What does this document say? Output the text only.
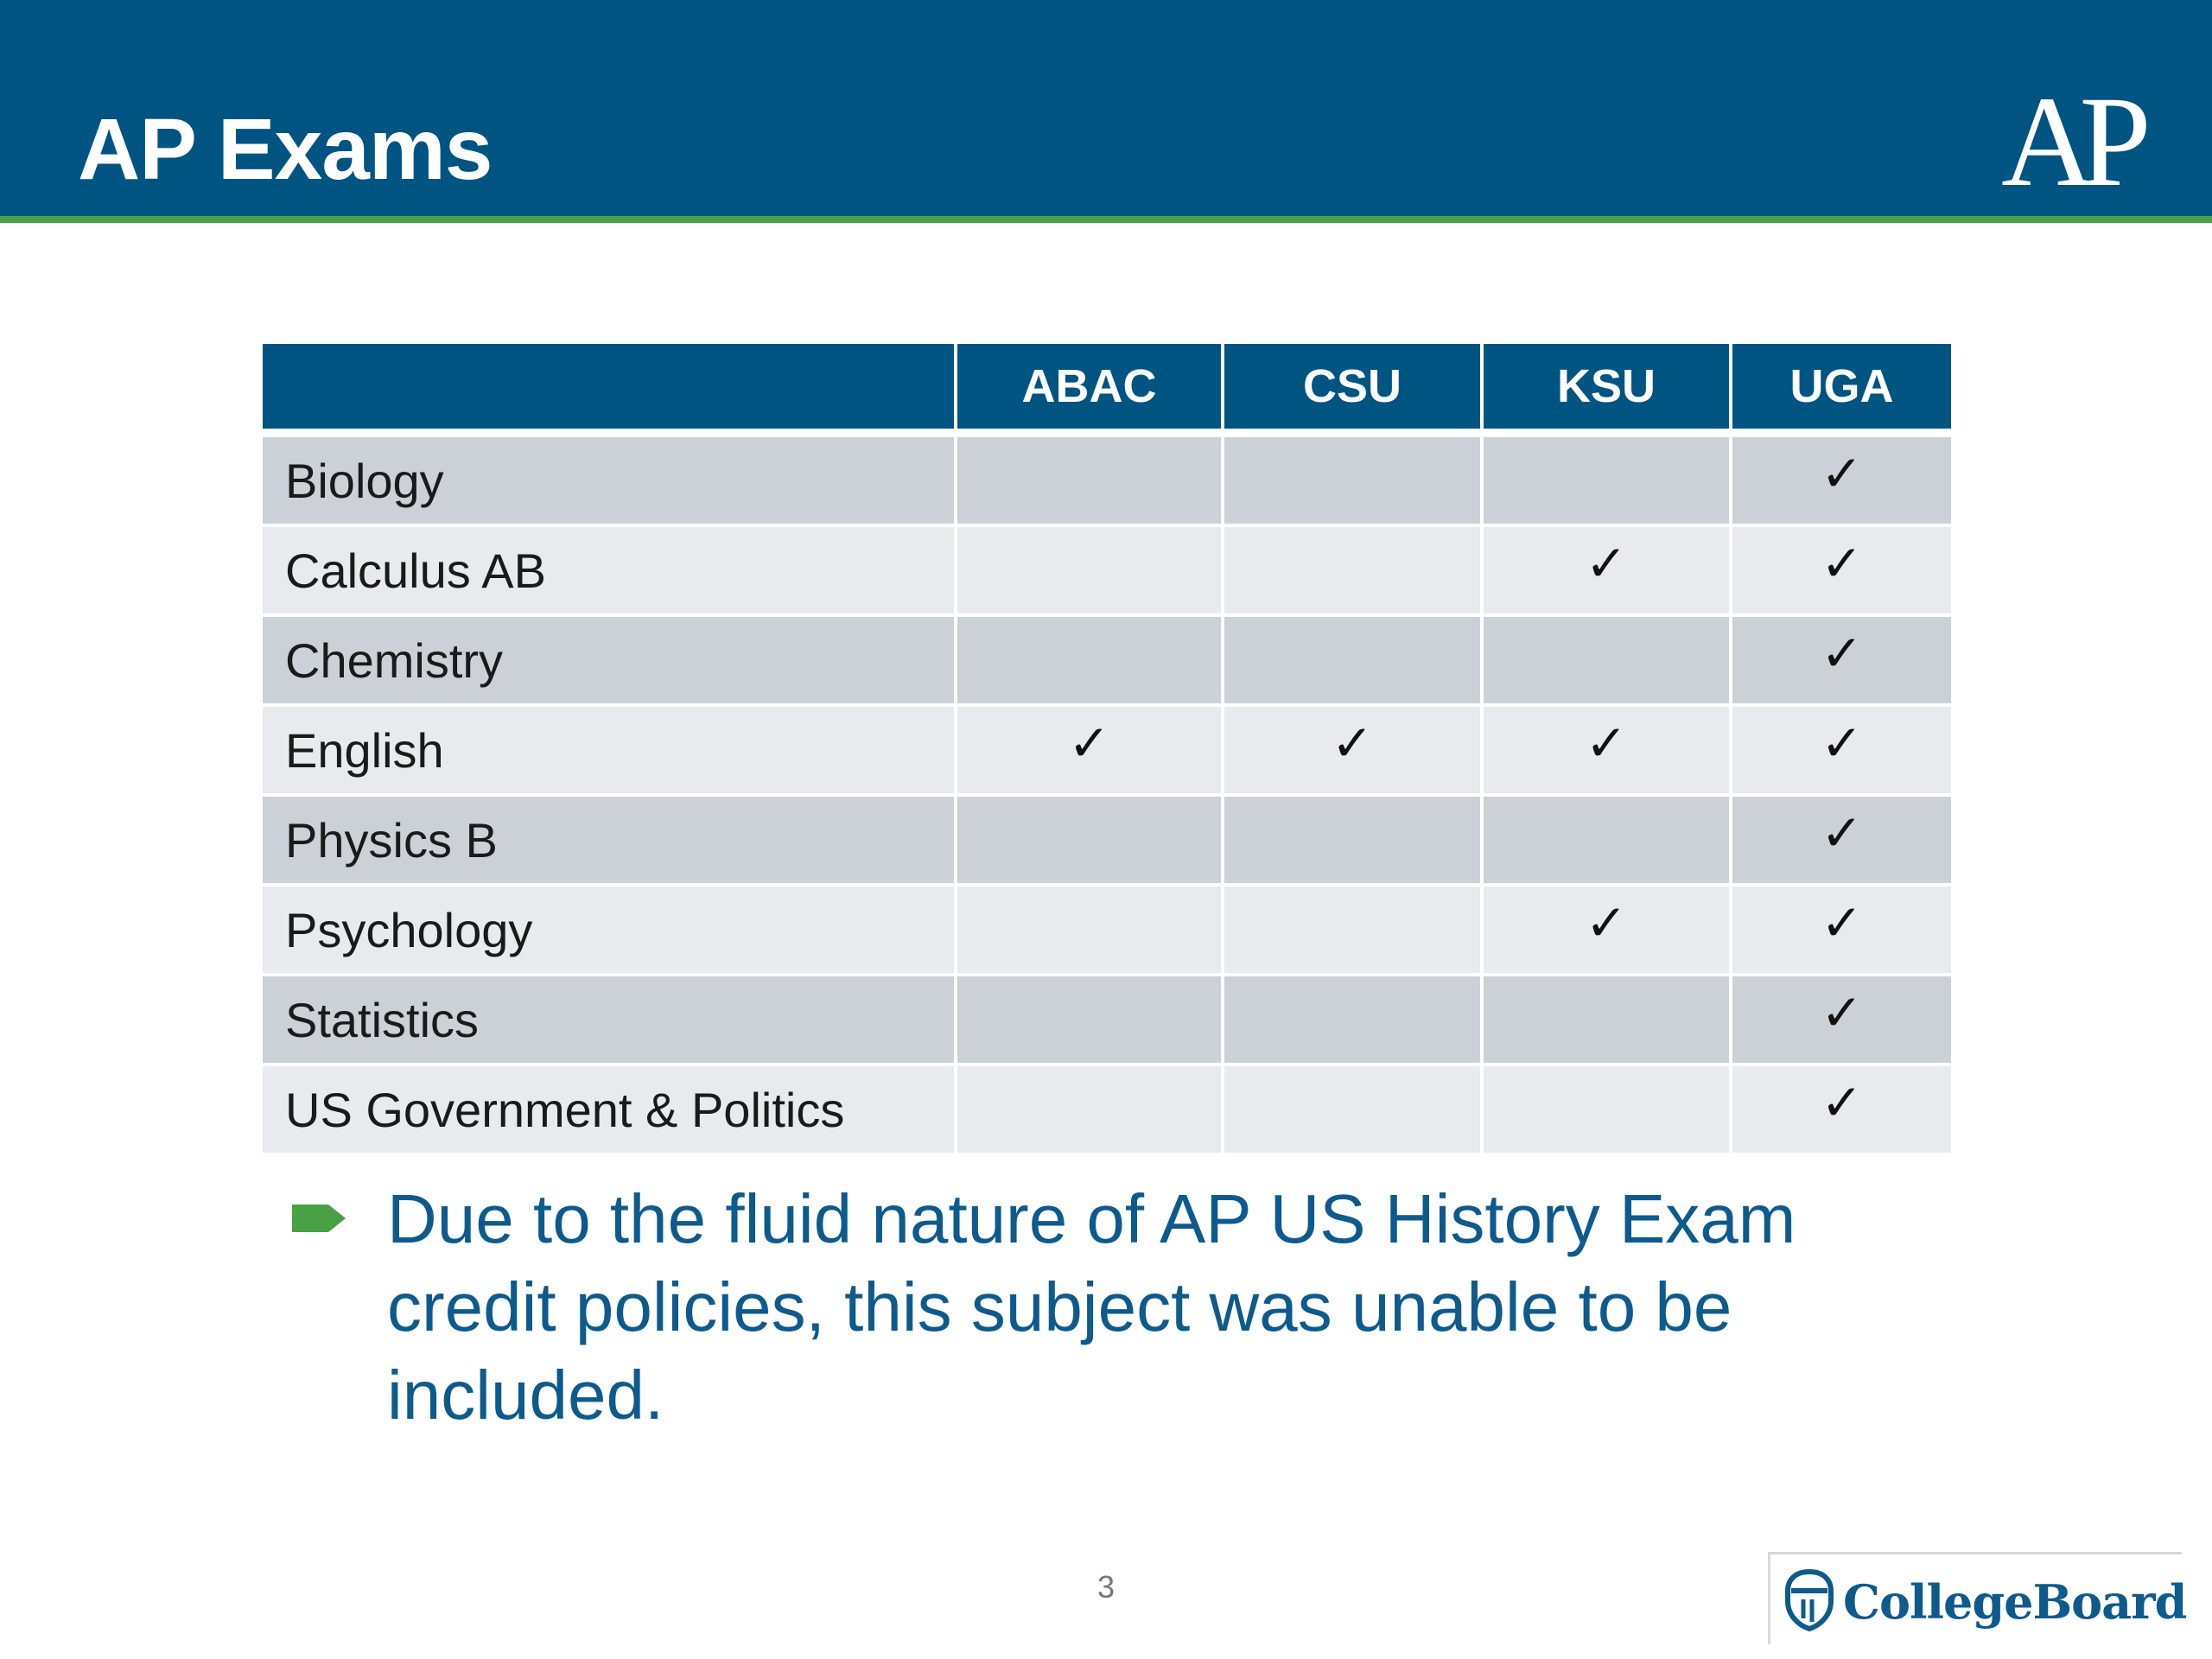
AP Exams	AP
	ABAC	CSU	KSU	UGA
Biology				✓
Calculus AB			✓	✓
Chemistry				✓
English	✓	✓	✓	✓
Physics B				✓
Psychology			✓	✓
Statistics				✓
US Government & Politics				✓
Due to the fluid nature of AP US History Exam credit policies, this subject was unable to be included.
3	CollegeBoard
